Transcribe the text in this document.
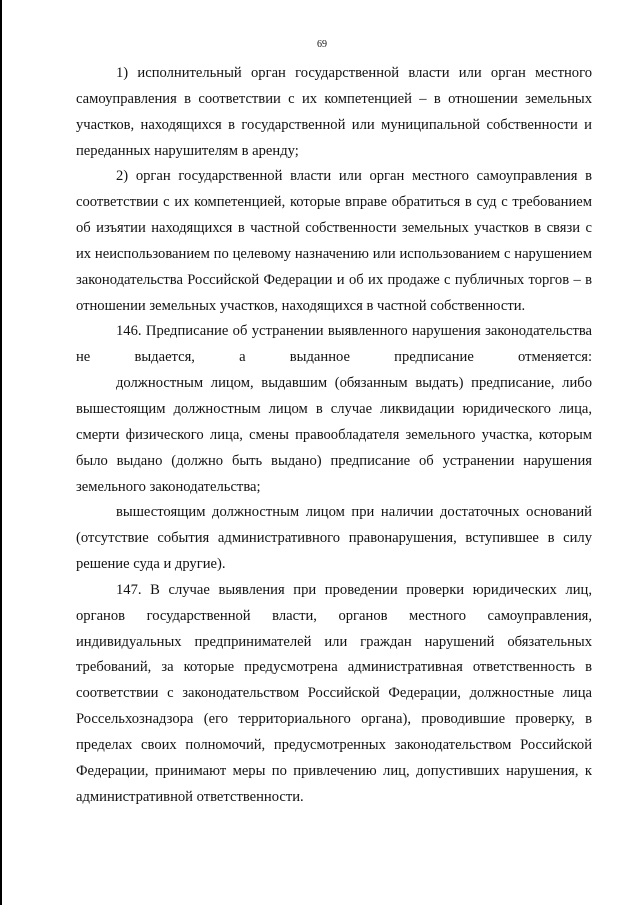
69

1) исполнительный орган государственной власти или орган местного самоуправления в соответствии с их компетенцией – в отношении земельных участков, находящихся в государственной или муниципальной собственности и переданных нарушителям в аренду;

2) орган государственной власти или орган местного самоуправления в соответствии с их компетенцией, которые вправе обратиться в суд с требованием об изъятии находящихся в частной собственности земельных участков в связи с их неиспользованием по целевому назначению или использованием с нарушением законодательства Российской Федерации и об их продаже с публичных торгов – в отношении земельных участков, находящихся в частной собственности.

146. Предписание об устранении выявленного нарушения законодательства не выдается, а выданное предписание отменяется:

должностным лицом, выдавшим (обязанным выдать) предписание, либо вышестоящим должностным лицом в случае ликвидации юридического лица, смерти физического лица, смены правообладателя земельного участка, которым было выдано (должно быть выдано) предписание об устранении нарушения земельного законодательства;

вышестоящим должностным лицом при наличии достаточных оснований (отсутствие события административного правонарушения, вступившее в силу решение суда и другие).

147. В случае выявления при проведении проверки юридических лиц, органов государственной власти, органов местного самоуправления, индивидуальных предпринимателей или граждан нарушений обязательных требований, за которые предусмотрена административная ответственность в соответствии с законодательством Российской Федерации, должностные лица Россельхознадзора (его территориального органа), проводившие проверку, в пределах своих полномочий, предусмотренных законодательством Российской Федерации, принимают меры по привлечению лиц, допустивших нарушения, к административной ответственности.
